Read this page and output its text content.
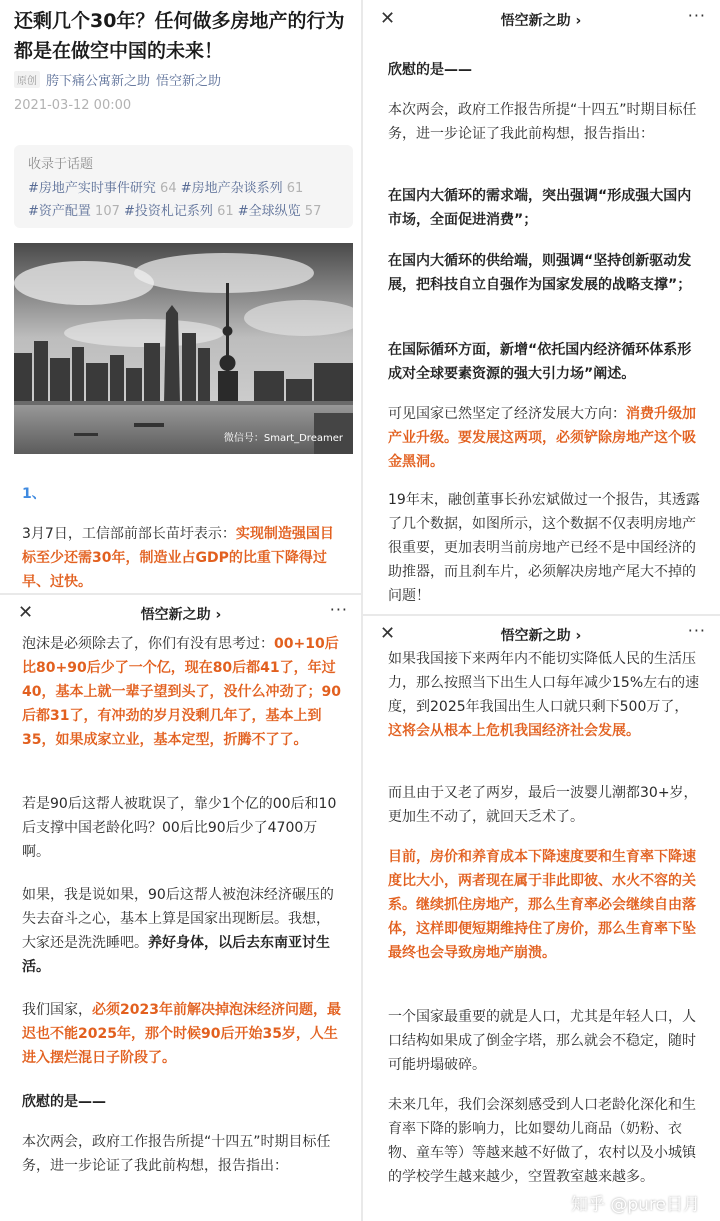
还剩几个30年？任何做多房地产的行为都是在做空中国的未来！
原创 胯下痛公寓新之助 悟空新之助
2021-03-12 00:00
收录于话题
#房地产实时事件研究 64 #房地产杂谈系列 61
#资产配置 107 #投资札记系列 61 #全球纵览 57
微信号：Smart_Dreamer
1、
3月7日，工信部前部长苗圩表示：实现制造强国目标至少还需30年，制造业占GDP的比重下降得过早、过快。
✕	悟空新之助 ›	···
泡沫是必须除去了，你们有没有思考过：00+10后比80+90后少了一个亿，现在80后都41了，年过40，基本上就一辈子望到头了，没什么冲劲了；90后都31了，有冲劲的岁月没剩几年了，基本上到35，如果成家立业，基本定型，折腾不了了。
若是90后这帮人被耽误了，靠少1个亿的00后和10后支撑中国老龄化吗？00后比90后少了4700万啊。
如果，我是说如果，90后这帮人被泡沫经济碾压的失去奋斗之心，基本上算是国家出现断层。我想，大家还是洗洗睡吧。养好身体，以后去东南亚讨生活。
我们国家，必须2023年前解决掉泡沫经济问题，最迟也不能2025年，那个时候90后开始35岁，人生进入摆烂混日子阶段了。
欣慰的是——
本次两会，政府工作报告所提“十四五”时期目标任务，进一步论证了我此前构想，报告指出：
✕	悟空新之助 ›	···
欣慰的是——
本次两会，政府工作报告所提“十四五”时期目标任务，进一步论证了我此前构想，报告指出：
在国内大循环的需求端，突出强调“形成强大国内市场，全面促进消费”；
在国内大循环的供给端，则强调“坚持创新驱动发展，把科技自立自强作为国家发展的战略支撑”；
在国际循环方面，新增“依托国内经济循环体系形成对全球要素资源的强大引力场”阐述。
可见国家已然坚定了经济发展大方向：消费升级加产业升级。要发展这两项，必须铲除房地产这个吸金黑洞。
19年末，融创董事长孙宏斌做过一个报告，其透露了几个数据，如图所示，这个数据不仅表明房地产很重要，更加表明当前房地产已经不是中国经济的助推器，而且刹车片，必须解决房地产尾大不掉的问题！
✕	悟空新之助 ›	···
如果我国接下来两年内不能切实降低人民的生活压力，那么按照当下出生人口每年减少15%左右的速度，到2025年我国出生人口就只剩下500万了，这将会从根本上危机我国经济社会发展。
而且由于又老了两岁，最后一波婴儿潮都30+岁，更加生不动了，就回天乏术了。
目前，房价和养育成本下降速度要和生育率下降速度比大小，两者现在属于非此即彼、水火不容的关系。继续抓住房地产，那么生育率必会继续自由落体，这样即便短期维持住了房价，那么生育率下坠最终也会导致房地产崩溃。
一个国家最重要的就是人口，尤其是年轻人口，人口结构如果成了倒金字塔，那么就会不稳定，随时可能坍塌破碎。
未来几年，我们会深刻感受到人口老龄化深化和生育率下降的影响力，比如婴幼儿商品（奶粉、衣物、童车等）等越来越不好做了，农村以及小城镇的学校学生越来越少，空置教室越来越多。
知乎 @pure日月
